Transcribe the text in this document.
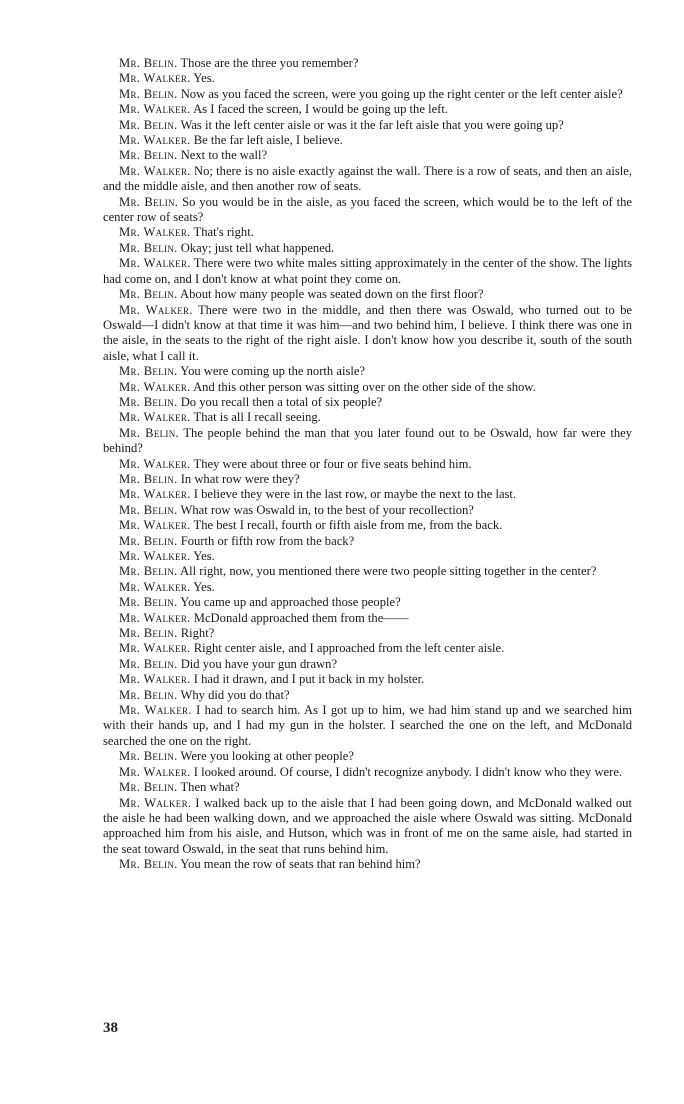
Mr. Belin. Those are the three you remember?

Mr. Walker. Yes.

Mr. Belin. Now as you faced the screen, were you going up the right center or the left center aisle?

Mr. Walker. As I faced the screen, I would be going up the left.

Mr. Belin. Was it the left center aisle or was it the far left aisle that you were going up?

Mr. Walker. Be the far left aisle, I believe.

Mr. Belin. Next to the wall?

Mr. Walker. No; there is no aisle exactly against the wall. There is a row of seats, and then an aisle, and the middle aisle, and then another row of seats.

Mr. Belin. So you would be in the aisle, as you faced the screen, which would be to the left of the center row of seats?

Mr. Walker. That's right.

Mr. Belin. Okay; just tell what happened.

Mr. Walker. There were two white males sitting approximately in the center of the show. The lights had come on, and I don't know at what point they come on.

Mr. Belin. About how many people was seated down on the first floor?

Mr. Walker. There were two in the middle, and then there was Oswald, who turned out to be Oswald—I didn't know at that time it was him—and two behind him, I believe. I think there was one in the aisle, in the seats to the right of the right aisle. I don't know how you describe it, south of the south aisle, what I call it.

Mr. Belin. You were coming up the north aisle?

Mr. Walker. And this other person was sitting over on the other side of the show.

Mr. Belin. Do you recall then a total of six people?

Mr. Walker. That is all I recall seeing.

Mr. Belin. The people behind the man that you later found out to be Oswald, how far were they behind?

Mr. Walker. They were about three or four or five seats behind him.

Mr. Belin. In what row were they?

Mr. Walker. I believe they were in the last row, or maybe the next to the last.

Mr. Belin. What row was Oswald in, to the best of your recollection?

Mr. Walker. The best I recall, fourth or fifth aisle from me, from the back.

Mr. Belin. Fourth or fifth row from the back?

Mr. Walker. Yes.

Mr. Belin. All right, now, you mentioned there were two people sitting together in the center?

Mr. Walker. Yes.

Mr. Belin. You came up and approached those people?

Mr. Walker. McDonald approached them from the——

Mr. Belin. Right?

Mr. Walker. Right center aisle, and I approached from the left center aisle.

Mr. Belin. Did you have your gun drawn?

Mr. Walker. I had it drawn, and I put it back in my holster.

Mr. Belin. Why did you do that?

Mr. Walker. I had to search him. As I got up to him, we had him stand up and we searched him with their hands up, and I had my gun in the holster. I searched the one on the left, and McDonald searched the one on the right.

Mr. Belin. Were you looking at other people?

Mr. Walker. I looked around. Of course, I didn't recognize anybody. I didn't know who they were.

Mr. Belin. Then what?

Mr. Walker. I walked back up to the aisle that I had been going down, and McDonald walked out the aisle he had been walking down, and we approached the aisle where Oswald was sitting. McDonald approached him from his aisle, and Hutson, which was in front of me on the same aisle, had started in the seat toward Oswald, in the seat that runs behind him.

Mr. Belin. You mean the row of seats that ran behind him?

38
